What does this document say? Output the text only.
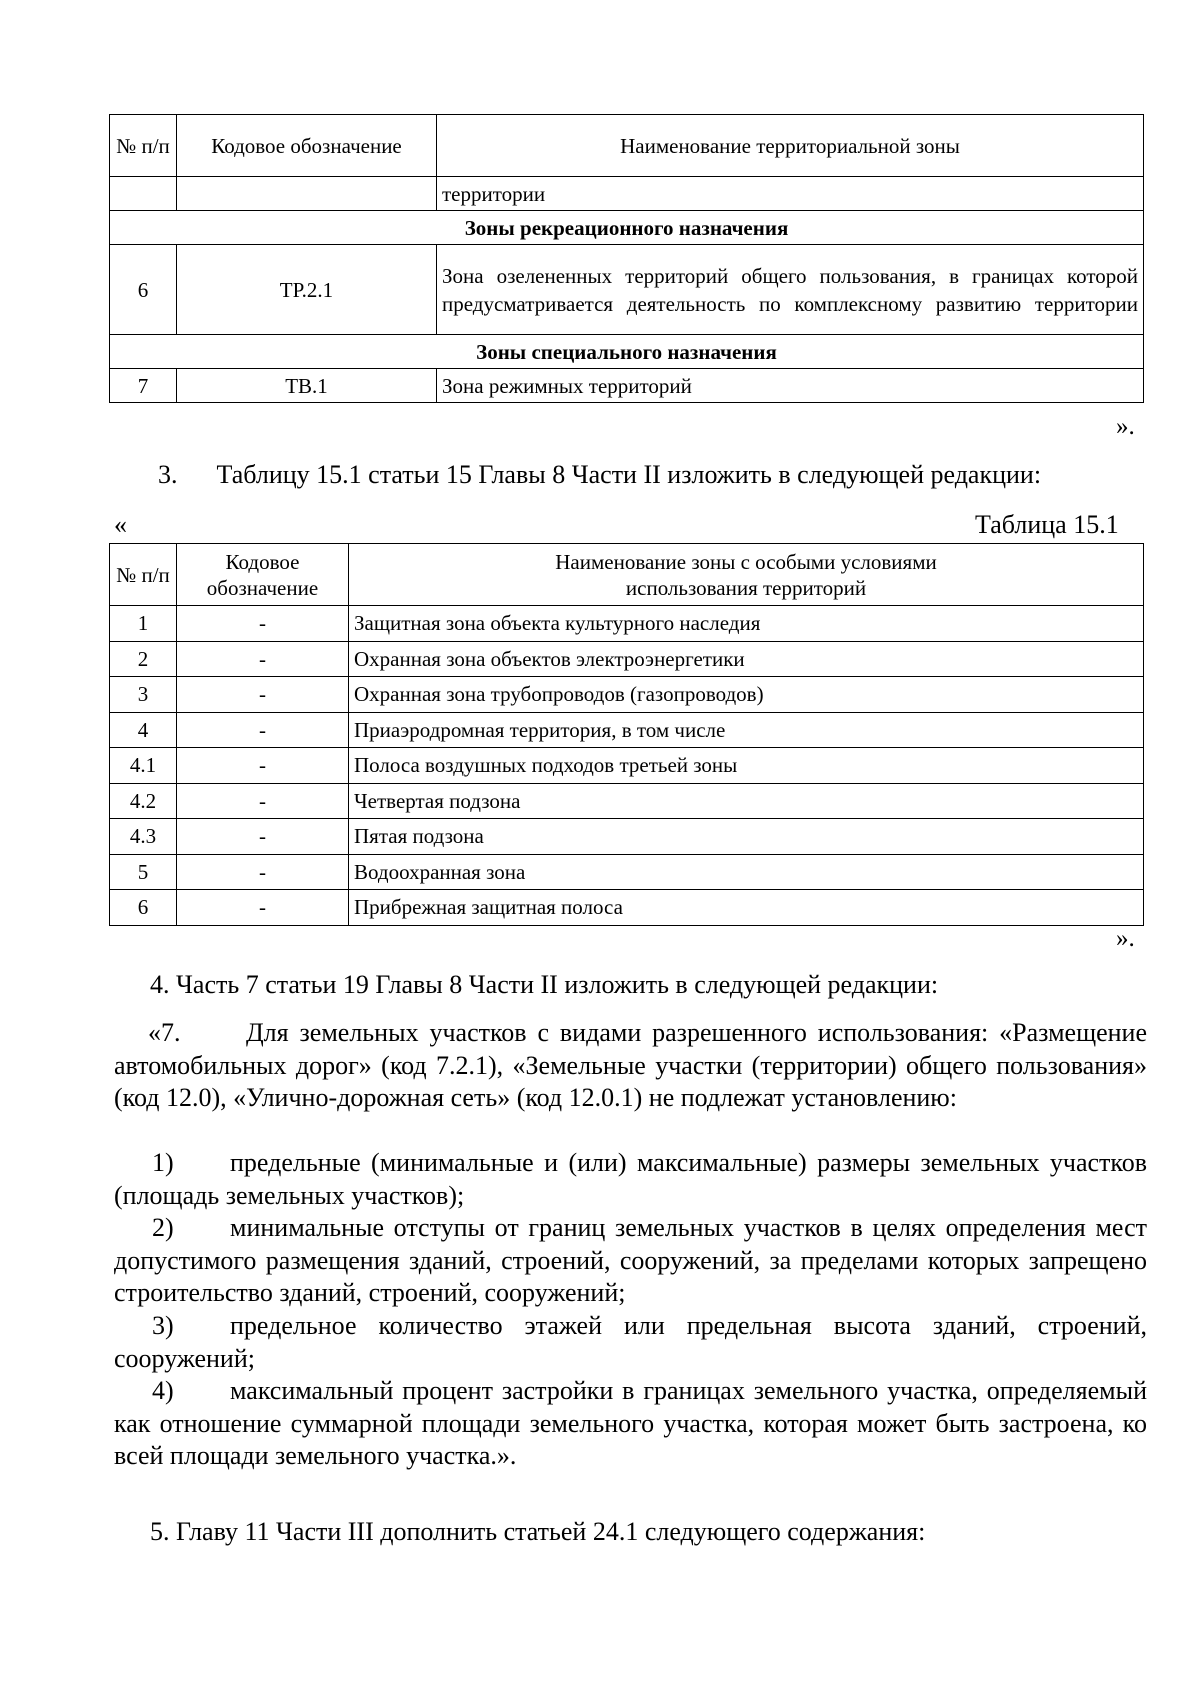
№ п/п	Кодовое обозначение	Наименование территориальной зоны
		территории
Зоны рекреационного назначения		
6	ТР.2.1	Зона озелененных территорий общего пользования, в границах которой предусматривается деятельность по комплексному развитию территории
Зоны специального назначения		
7	ТВ.1	Зона режимных территорий
».
3.      Таблицу 15.1 статьи 15 Главы 8 Части II изложить в следующей редакции:
«	Таблица 15.1
№ п/п	Кодовое обозначение	Наименование зоны с особыми условиями использования территорий
1	-	Защитная зона объекта культурного наследия
2	-	Охранная зона объектов электроэнергетики
3	-	Охранная зона трубопроводов (газопроводов)
4	-	Приаэродромная территория, в том числе
4.1	-	Полоса воздушных подходов третьей зоны
4.2	-	Четвертая подзона
4.3	-	Пятая подзона
5	-	Водоохранная зона
6	-	Прибрежная защитная полоса
».
4. Часть 7 статьи 19 Главы 8 Части II изложить в следующей редакции:
«7.      Для земельных участков с видами разрешенного использования: «Размещение автомобильных дорог» (код 7.2.1), «Земельные участки (территории) общего пользования» (код 12.0), «Улично-дорожная сеть» (код 12.0.1) не подлежат установлению:
1)	предельные (минимальные и (или) максимальные) размеры земельных участков (площадь земельных участков);
2)	минимальные отступы от границ земельных участков в целях определения мест допустимого размещения зданий, строений, сооружений, за пределами которых запрещено строительство зданий, строений, сооружений;
3)	предельное количество этажей или предельная высота зданий, строений, сооружений;
4)	максимальный процент застройки в границах земельного участка, определяемый как отношение суммарной площади земельного участка, которая может быть застроена, ко всей площади земельного участка.».
5. Главу 11 Части III дополнить статьей 24.1 следующего содержания:
